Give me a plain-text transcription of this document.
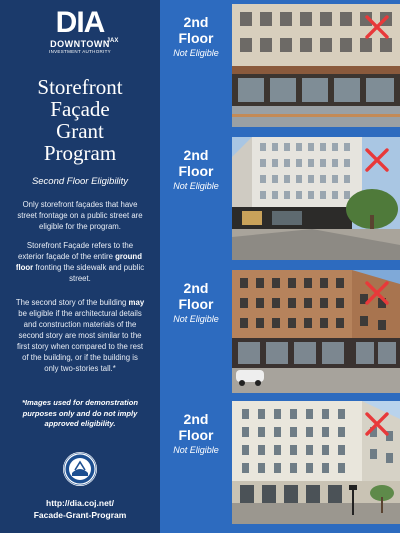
DIA
JAX
DOWNTOWN
INVESTMENT AUTHORITY
Storefront
Façade
Grant
Program
Second Floor Eligibility
Only storefront façades that have street frontage on a public street are eligible for the program.
Storefront Façade refers to the exterior façade of the entire ground floor fronting the sidewalk and public street.
The second story of the building may be eligible if the architectural details and construction materials of the second story are most similar to the first story when compared to the rest of the building, or if the building is only two-stories tall.*
*Images used for demonstration purposes only and do not imply approved eligibility.
http://dia.coj.net/
Facade-Grant-Program
2nd
Floor
Not Eligible
2nd
Floor
Not Eligible
2nd
Floor
Not Eligible
2nd
Floor
Not Eligible
